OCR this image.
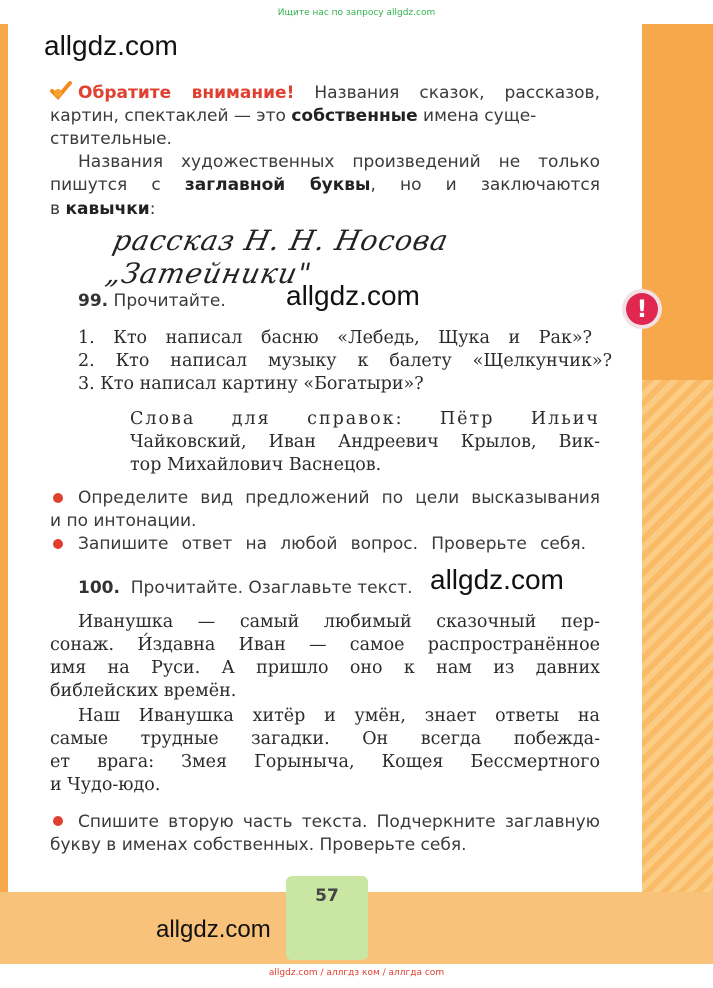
Ищите нас по запросу allgdz.com
allgdz.com
allgdz.com
allgdz.com
allgdz.com
Обратите внимание! Названия сказок, рассказов,
картин, спектаклей — это собственные имена суще-
ствительные.
Названия художественных произведений не только
пишутся с заглавной буквы, но и заключаются
в кавычки:
рассказ Н. Н. Носова „Затейники"
99. Прочитайте.	!
1. Кто написал басню «Лебедь, Щука и Рак»?
2. Кто написал музыку к балету «Щелкунчик»?
3. Кто написал картину «Богатыри»?
Слова для справок: Пётр Ильич
Чайковский, Иван Андреевич Крылов, Вик-
тор Михайлович Васнецов.
Определите вид предложений по цели высказывания
и по интонации.
Запишите ответ на любой вопрос. Проверьте себя.
100. Прочитайте. Озаглавьте текст.
Иванушка — самый любимый сказочный пер-
сонаж. И́здавна Иван — самое распространённое
имя на Руси. А пришло оно к нам из давних
библейских времён.
Наш Иванушка хитёр и умён, знает ответы на
самые трудные загадки. Он всегда побежда-
ет врага: Змея Горыныча, Кощея Бессмертного
и Чудо-юдо.
Спишите вторую часть текста. Подчеркните заглавную
букву в именах собственных. Проверьте себя.
57
allgdz.com / аллгдз ком / аллгда com
